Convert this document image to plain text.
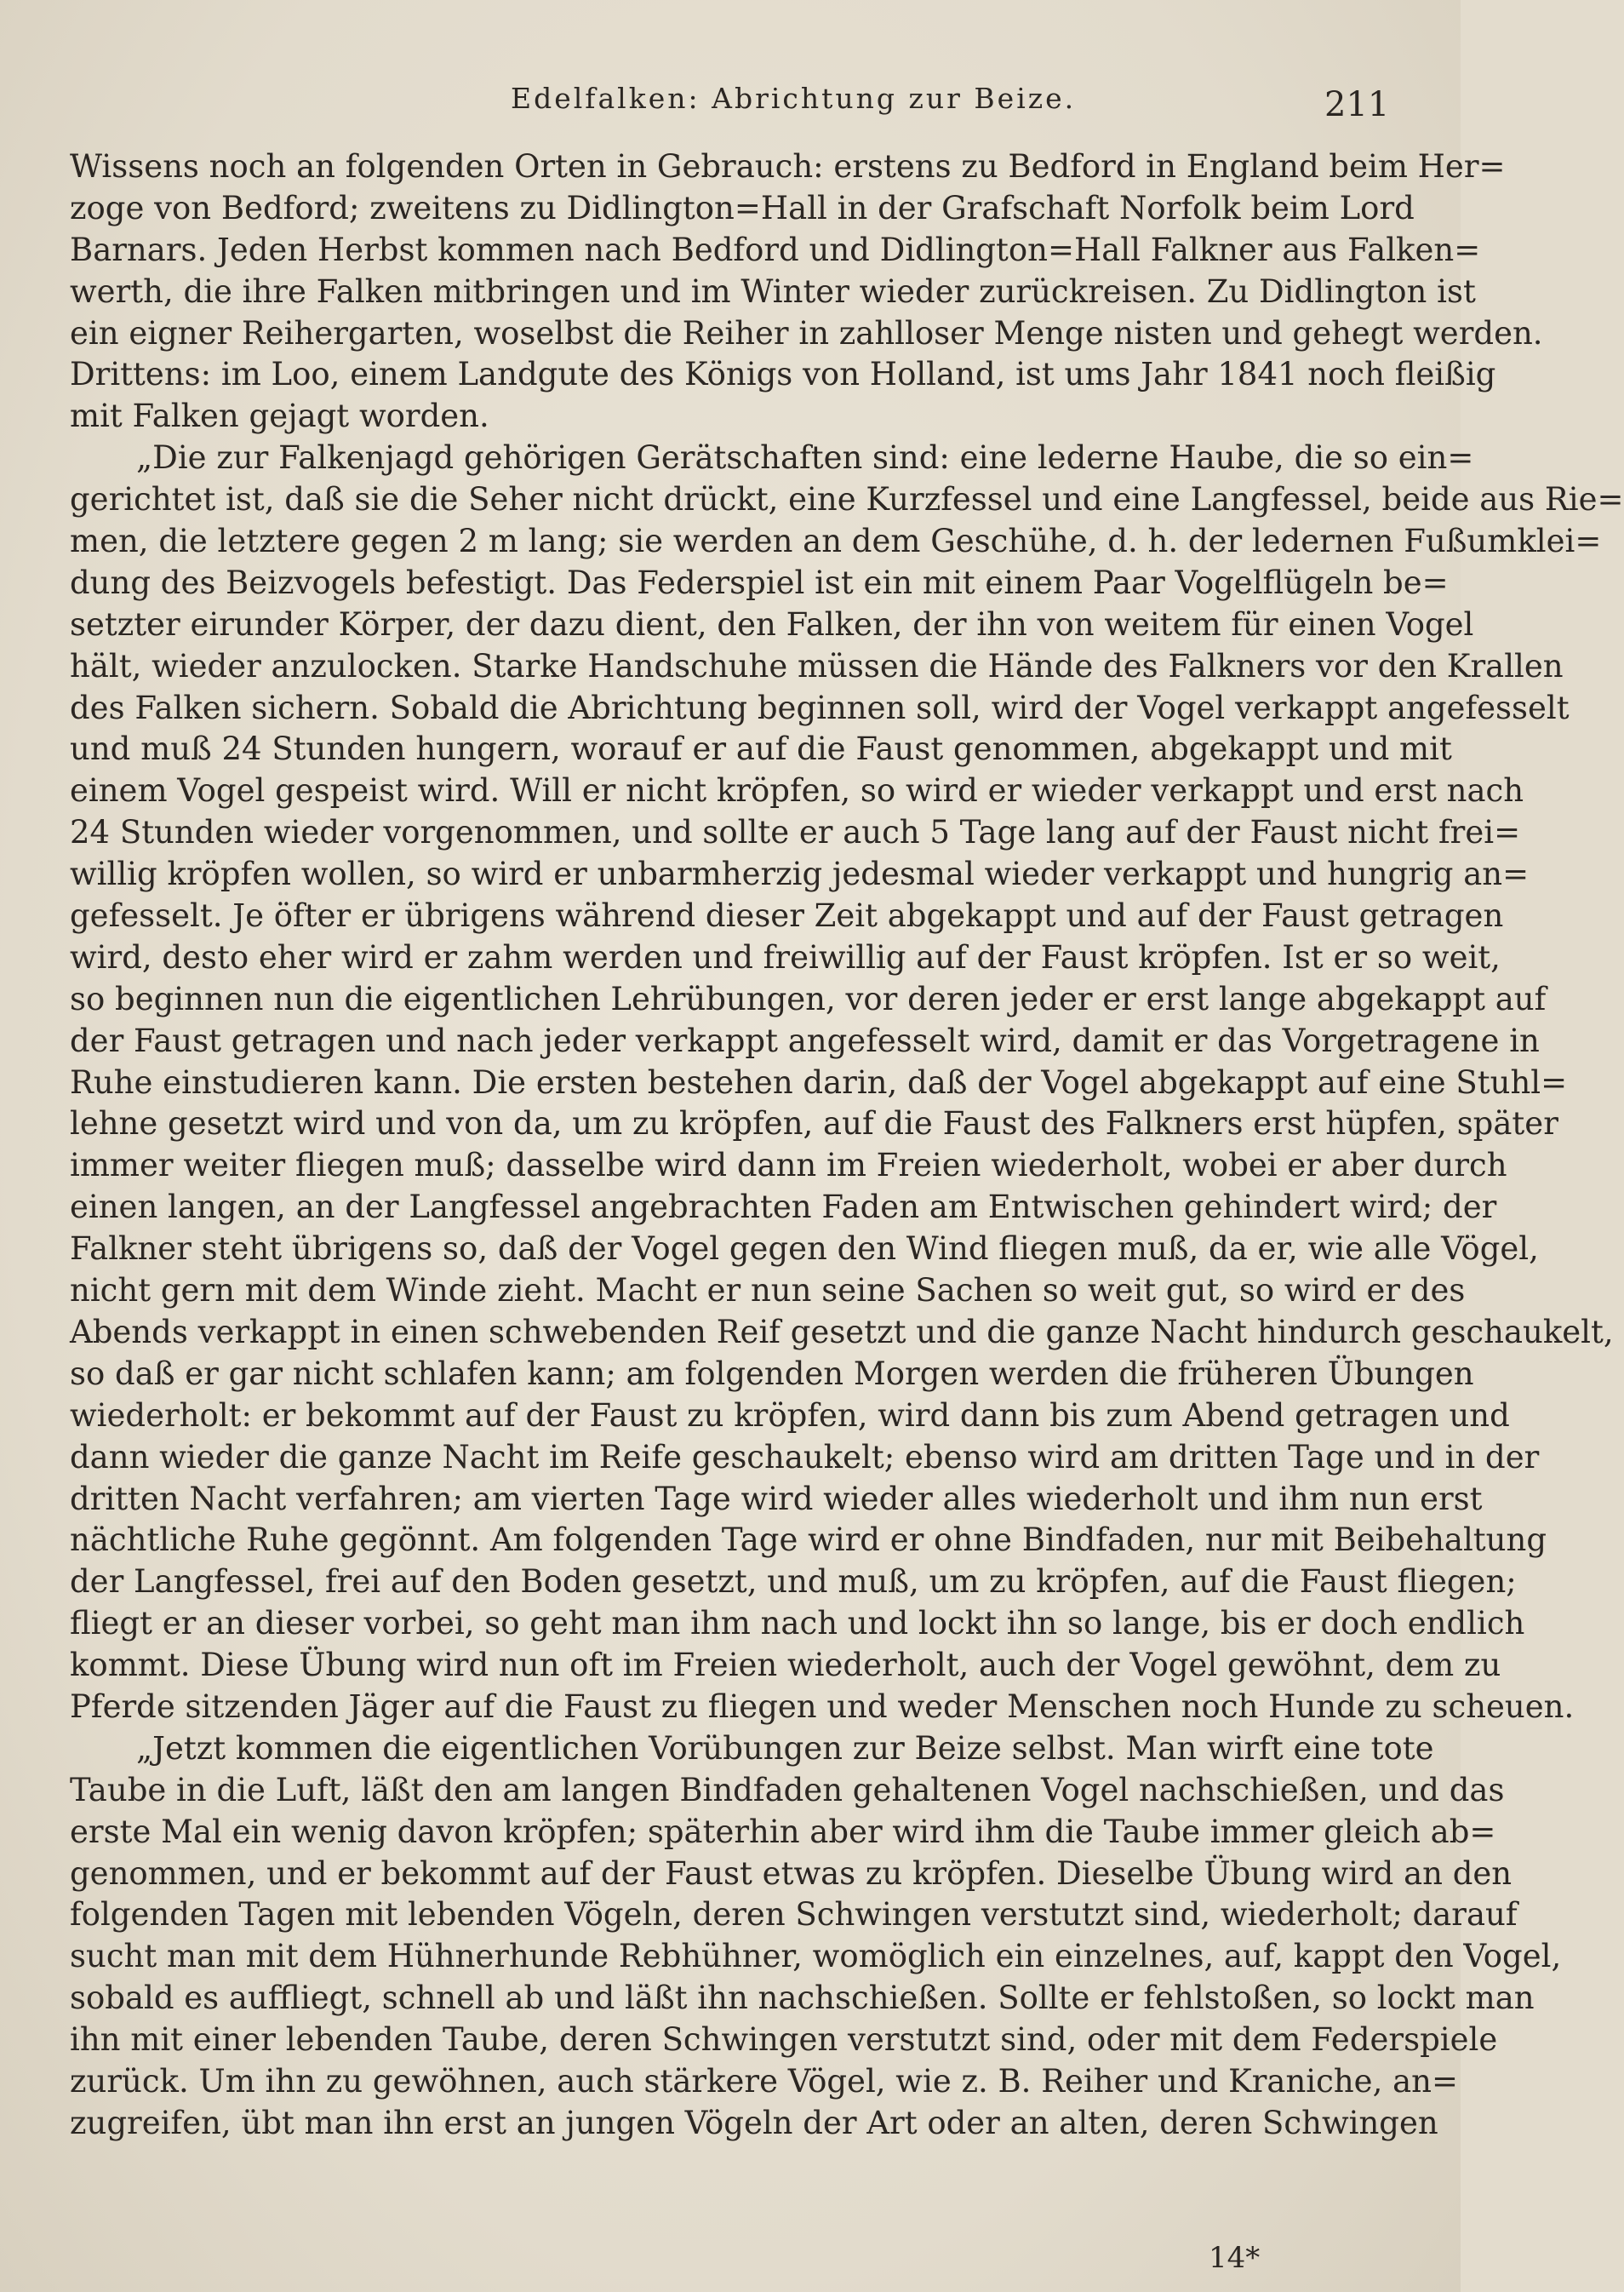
Edelfalken: Abrichtung zur Beize.	211
Wissens noch an folgenden Orten in Gebrauch: erstens zu Bedford in England beim Her=
zoge von Bedford; zweitens zu Didlington=Hall in der Grafschaft Norfolk beim Lord
Barnars. Jeden Herbst kommen nach Bedford und Didlington=Hall Falkner aus Falken=
werth, die ihre Falken mitbringen und im Winter wieder zurückreisen. Zu Didlington ist
ein eigner Reihergarten, woselbst die Reiher in zahlloser Menge nisten und gehegt werden.
Drittens: im Loo, einem Landgute des Königs von Holland, ist ums Jahr 1841 noch fleißig
mit Falken gejagt worden.
„Die zur Falkenjagd gehörigen Gerätschaften sind: eine lederne Haube, die so ein=
gerichtet ist, daß sie die Seher nicht drückt, eine Kurzfessel und eine Langfessel, beide aus Rie=
men, die letztere gegen 2 m lang; sie werden an dem Geschühe, d. h. der ledernen Fußumklei=
dung des Beizvogels befestigt. Das Federspiel ist ein mit einem Paar Vogelflügeln be=
setzter eirunder Körper, der dazu dient, den Falken, der ihn von weitem für einen Vogel
hält, wieder anzulocken. Starke Handschuhe müssen die Hände des Falkners vor den Krallen
des Falken sichern. Sobald die Abrichtung beginnen soll, wird der Vogel verkappt angefesselt
und muß 24 Stunden hungern, worauf er auf die Faust genommen, abgekappt und mit
einem Vogel gespeist wird. Will er nicht kröpfen, so wird er wieder verkappt und erst nach
24 Stunden wieder vorgenommen, und sollte er auch 5 Tage lang auf der Faust nicht frei=
willig kröpfen wollen, so wird er unbarmherzig jedesmal wieder verkappt und hungrig an=
gefesselt. Je öfter er übrigens während dieser Zeit abgekappt und auf der Faust getragen
wird, desto eher wird er zahm werden und freiwillig auf der Faust kröpfen. Ist er so weit,
so beginnen nun die eigentlichen Lehrübungen, vor deren jeder er erst lange abgekappt auf
der Faust getragen und nach jeder verkappt angefesselt wird, damit er das Vorgetragene in
Ruhe einstudieren kann. Die ersten bestehen darin, daß der Vogel abgekappt auf eine Stuhl=
lehne gesetzt wird und von da, um zu kröpfen, auf die Faust des Falkners erst hüpfen, später
immer weiter fliegen muß; dasselbe wird dann im Freien wiederholt, wobei er aber durch
einen langen, an der Langfessel angebrachten Faden am Entwischen gehindert wird; der
Falkner steht übrigens so, daß der Vogel gegen den Wind fliegen muß, da er, wie alle Vögel,
nicht gern mit dem Winde zieht. Macht er nun seine Sachen so weit gut, so wird er des
Abends verkappt in einen schwebenden Reif gesetzt und die ganze Nacht hindurch geschaukelt,
so daß er gar nicht schlafen kann; am folgenden Morgen werden die früheren Übungen
wiederholt: er bekommt auf der Faust zu kröpfen, wird dann bis zum Abend getragen und
dann wieder die ganze Nacht im Reife geschaukelt; ebenso wird am dritten Tage und in der
dritten Nacht verfahren; am vierten Tage wird wieder alles wiederholt und ihm nun erst
nächtliche Ruhe gegönnt. Am folgenden Tage wird er ohne Bindfaden, nur mit Beibehaltung
der Langfessel, frei auf den Boden gesetzt, und muß, um zu kröpfen, auf die Faust fliegen;
fliegt er an dieser vorbei, so geht man ihm nach und lockt ihn so lange, bis er doch endlich
kommt. Diese Übung wird nun oft im Freien wiederholt, auch der Vogel gewöhnt, dem zu
Pferde sitzenden Jäger auf die Faust zu fliegen und weder Menschen noch Hunde zu scheuen.
„Jetzt kommen die eigentlichen Vorübungen zur Beize selbst. Man wirft eine tote
Taube in die Luft, läßt den am langen Bindfaden gehaltenen Vogel nachschießen, und das
erste Mal ein wenig davon kröpfen; späterhin aber wird ihm die Taube immer gleich ab=
genommen, und er bekommt auf der Faust etwas zu kröpfen. Dieselbe Übung wird an den
folgenden Tagen mit lebenden Vögeln, deren Schwingen verstutzt sind, wiederholt; darauf
sucht man mit dem Hühnerhunde Rebhühner, womöglich ein einzelnes, auf, kappt den Vogel,
sobald es auffliegt, schnell ab und läßt ihn nachschießen. Sollte er fehlstoßen, so lockt man
ihn mit einer lebenden Taube, deren Schwingen verstutzt sind, oder mit dem Federspiele
zurück. Um ihn zu gewöhnen, auch stärkere Vögel, wie z. B. Reiher und Kraniche, an=
zugreifen, übt man ihn erst an jungen Vögeln der Art oder an alten, deren Schwingen
14*
